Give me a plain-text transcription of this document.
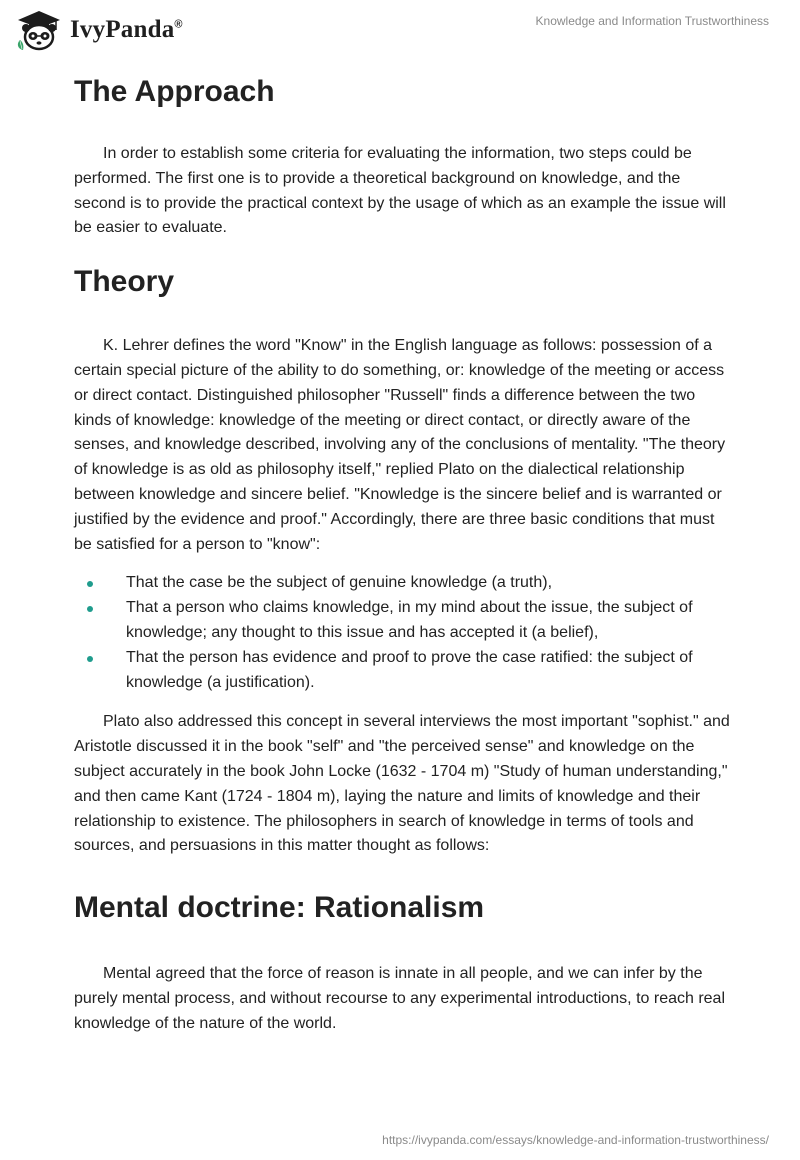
IvyPanda®	Knowledge and Information Trustworthiness
The Approach

In order to establish some criteria for evaluating the information, two steps could be performed. The first one is to provide a theoretical background on knowledge, and the second is to provide the practical context by the usage of which as an example the issue will be easier to evaluate.

Theory

K. Lehrer defines the word "Know" in the English language as follows: possession of a certain special picture of the ability to do something, or: knowledge of the meeting or access or direct contact. Distinguished philosopher "Russell" finds a difference between the two kinds of knowledge: knowledge of the meeting or direct contact, or directly aware of the senses, and knowledge described, involving any of the conclusions of mentality. "The theory of knowledge is as old as philosophy itself," replied Plato on the dialectical relationship between knowledge and sincere belief. "Knowledge is the sincere belief and is warranted or justified by the evidence and proof." Accordingly, there are three basic conditions that must be satisfied for a person to "know":

That the case be the subject of genuine knowledge (a truth),
That a person who claims knowledge, in my mind about the issue, the subject of knowledge; any thought to this issue and has accepted it (a belief),
That the person has evidence and proof to prove the case ratified: the subject of knowledge (a justification).

Plato also addressed this concept in several interviews the most important "sophist." and Aristotle discussed it in the book "self" and "the perceived sense" and knowledge on the subject accurately in the book John Locke (1632 - 1704 m) "Study of human understanding," and then came Kant (1724 - 1804 m), laying the nature and limits of knowledge and their relationship to existence. The philosophers in search of knowledge in terms of tools and sources, and persuasions in this matter thought as follows:

Mental doctrine: Rationalism

Mental agreed that the force of reason is innate in all people, and we can infer by the purely mental process, and without recourse to any experimental introductions, to reach real knowledge of the nature of the world.

https://ivypanda.com/essays/knowledge-and-information-trustworthiness/
